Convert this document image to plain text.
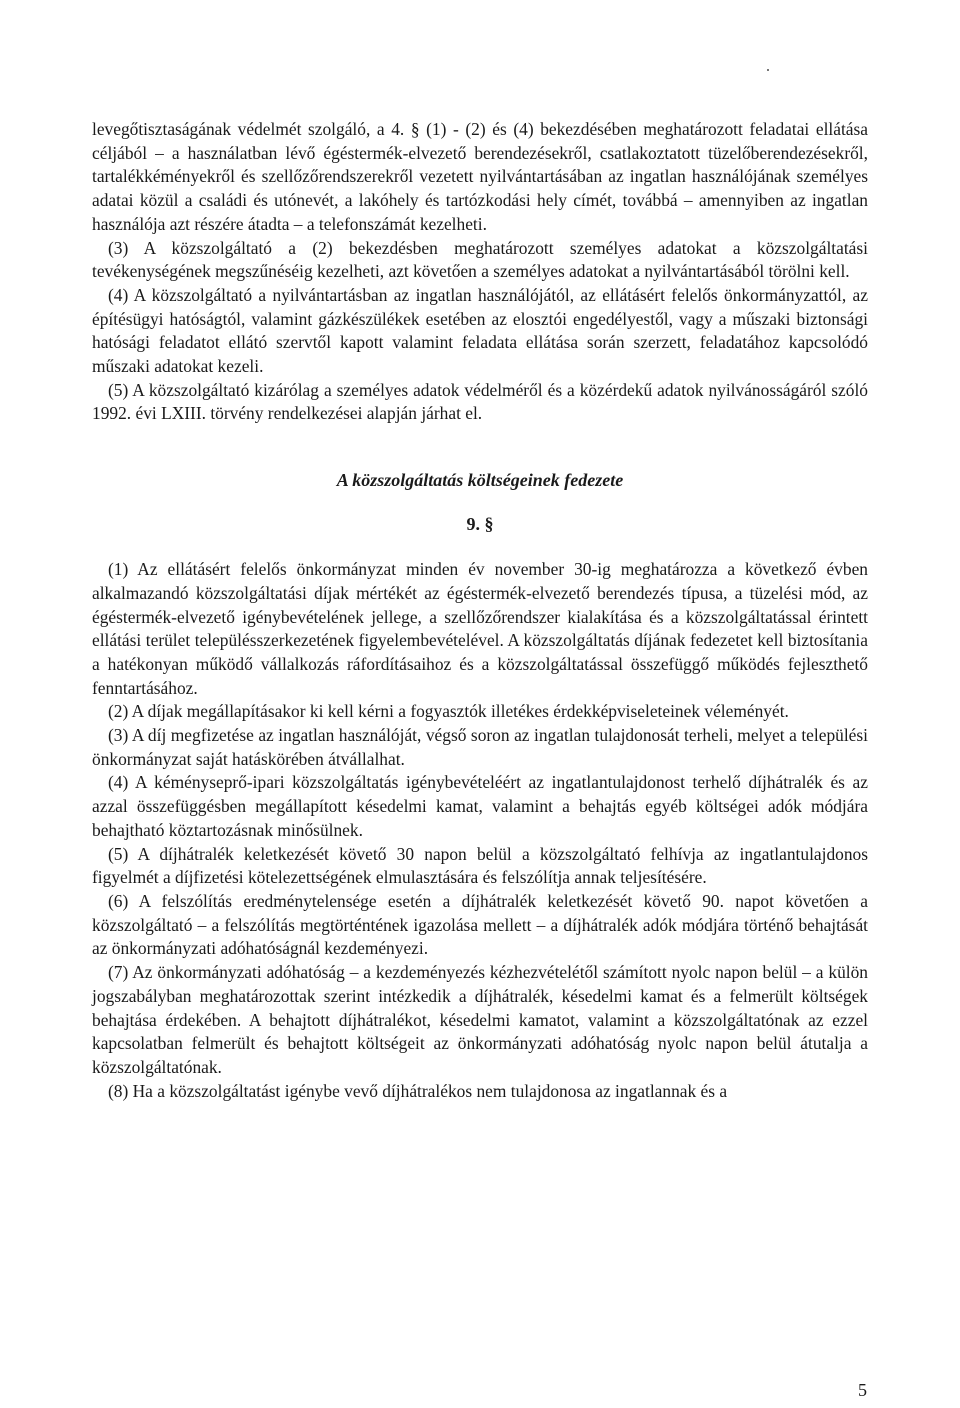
levegőtisztaságának védelmét szolgáló, a 4. § (1) - (2) és (4) bekezdésében meghatározott feladatai ellátása céljából – a használatban lévő égéstermék-elvezető berendezésekről, csatlakoztatott tüzelőberendezésekről, tartalékkéményekről és szellőzőrendszerekről vezetett nyilvántartásában az ingatlan használójának személyes adatai közül a családi és utónevét, a lakóhely és tartózkodási hely címét, továbbá – amennyiben az ingatlan használója azt részére átadta – a telefonszámát kezelheti.

(3) A közszolgáltató a (2) bekezdésben meghatározott személyes adatokat a közszolgáltatási tevékenységének megszűnéséig kezelheti, azt követően a személyes adatokat a nyilvántartásából törölni kell.

(4) A közszolgáltató a nyilvántartásban az ingatlan használójától, az ellátásért felelős önkormányzattól, az építésügyi hatóságtól, valamint gázkészülékek esetében az elosztói engedélyestől, vagy a műszaki biztonsági hatósági feladatot ellátó szervtől kapott valamint feladata ellátása során szerzett, feladatához kapcsolódó műszaki adatokat kezeli.

(5) A közszolgáltató kizárólag a személyes adatok védelméről és a közérdekű adatok nyilvánosságáról szóló 1992. évi LXIII. törvény rendelkezései alapján járhat el.

A közszolgáltatás költségeinek fedezete
9. §

(1) Az ellátásért felelős önkormányzat minden év november 30-ig meghatározza a következő évben alkalmazandó közszolgáltatási díjak mértékét az égéstermék-elvezető berendezés típusa, a tüzelési mód, az égéstermék-elvezető igénybevételének jellege, a szellőzőrendszer kialakítása és a közszolgáltatással érintett ellátási terület településszerkezetének figyelembevételével. A közszolgáltatás díjának fedezetet kell biztosítania a hatékonyan működő vállalkozás ráfordításaihoz és a közszolgáltatással összefüggő működés fejleszthető fenntartásához.

(2) A díjak megállapításakor ki kell kérni a fogyasztók illetékes érdekképviseleteinek véleményét.

(3) A díj megfizetése az ingatlan használóját, végső soron az ingatlan tulajdonosát terheli, melyet a települési önkormányzat saját hatáskörében átvállalhat.

(4) A kéményseprő-ipari közszolgáltatás igénybevételéért az ingatlantulajdonost terhelő díjhátralék és az azzal összefüggésben megállapított késedelmi kamat, valamint a behajtás egyéb költségei adók módjára behajtható köztartozásnak minősülnek.

(5) A díjhátralék keletkezését követő 30 napon belül a közszolgáltató felhívja az ingatlantulajdonos figyelmét a díjfizetési kötelezettségének elmulasztására és felszólítja annak teljesítésére.

(6) A felszólítás eredménytelensége esetén a díjhátralék keletkezését követő 90. napot követően a közszolgáltató – a felszólítás megtörténtének igazolása mellett – a díjhátralék adók módjára történő behajtását az önkormányzati adóhatóságnál kezdeményezi.

(7) Az önkormányzati adóhatóság – a kezdeményezés kézhezvételétől számított nyolc napon belül – a külön jogszabályban meghatározottak szerint intézkedik a díjhátralék, késedelmi kamat és a felmerült költségek behajtása érdekében. A behajtott díjhátralékot, késedelmi kamatot, valamint a közszolgáltatónak az ezzel kapcsolatban felmerült és behajtott költségeit az önkormányzati adóhatóság nyolc napon belül átutalja a közszolgáltatónak.

(8) Ha a közszolgáltatást igénybe vevő díjhátralékos nem tulajdonosa az ingatlannak és a

5
